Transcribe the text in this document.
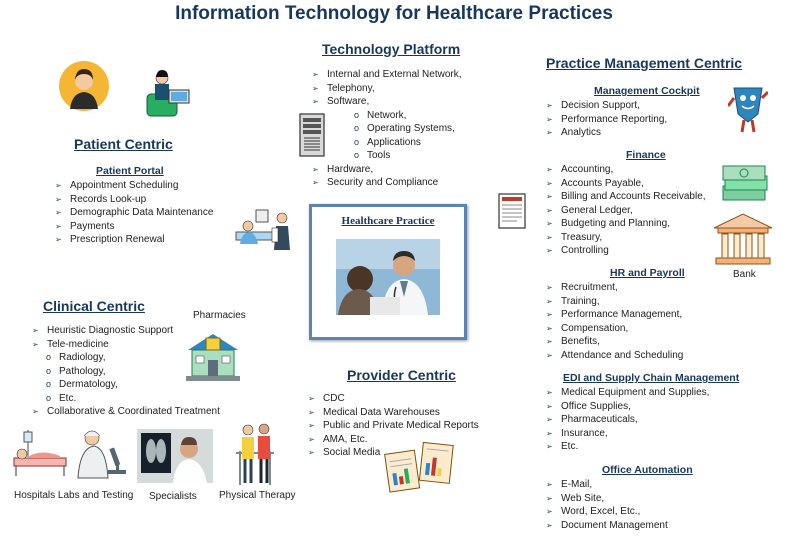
Information Technology for Healthcare Practices
Technology Platform
➢ Internal and External Network,
➢ Telephony,
➢ Software,
o Network,
o Operating Systems,
o Applications
o Tools
➢ Hardware,
➢ Security and Compliance
Patient Centric
Patient Portal
➢ Appointment Scheduling
➢ Records Look-up
➢ Demographic Data Maintenance
➢ Payments
➢ Prescription Renewal
Clinical Centric
Pharmacies
➢ Heuristic Diagnostic Support
➢ Tele-medicine
o Radiology,
o Pathology,
o Dermatology,
o Etc.
➢ Collaborative & Coordinated Treatment
Healthcare Practice
Provider Centric
➢ CDC
➢ Medical Data Warehouses
➢ Public and Private Medical Reports
➢ AMA, Etc.
➢ Social Media
Hospitals Labs and Testing Specialists Physical Therapy
Practice Management Centric
Management Cockpit
➢ Decision Support,
➢ Performance Reporting,
➢ Analytics
Finance
➢ Accounting,
➢ Accounts Payable,
➢ Billing and Accounts Receivable,
➢ General Ledger,
➢ Budgeting and Planning,
➢ Treasury,
➢ Controlling
Bank
HR and Payroll
➢ Recruitment,
➢ Training,
➢ Performance Management,
➢ Compensation,
➢ Benefits,
➢ Attendance and Scheduling
EDI and Supply Chain Management
➢ Medical Equipment and Supplies,
➢ Office Supplies,
➢ Pharmaceuticals,
➢ Insurance,
➢ Etc.
Office Automation
➢ E-Mail,
➢ Web Site,
➢ Word, Excel, Etc.,
➢ Document Management
